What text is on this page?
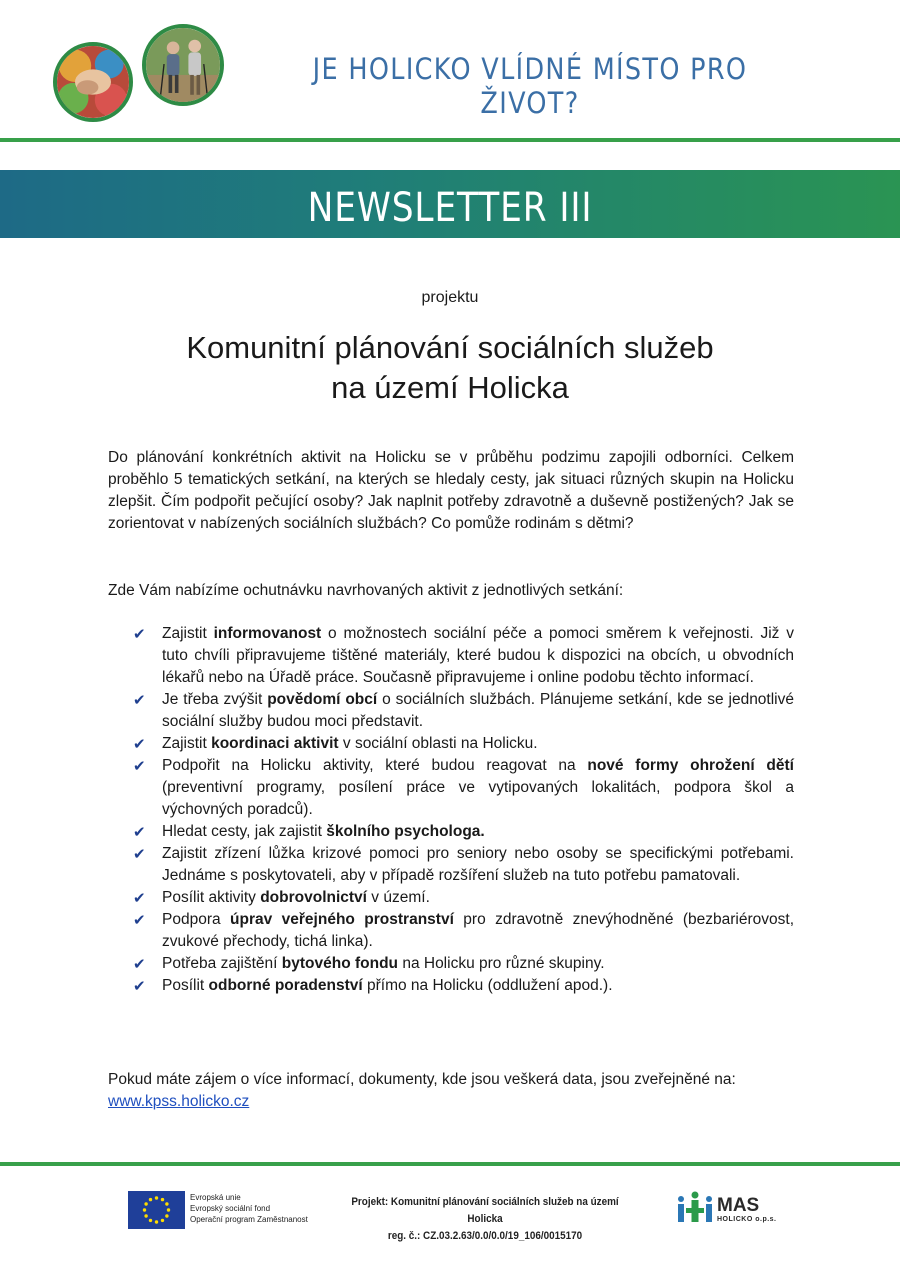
JE HOLICKO VLÍDNÉ MÍSTO PRO ŽIVOT?
NEWSLETTER III
projektu
Komunitní plánování sociálních služeb
na území Holicka
Do plánování konkrétních aktivit na Holicku se v průběhu podzimu zapojili odborníci. Celkem proběhlo 5 tematických setkání, na kterých se hledaly cesty, jak situaci různých skupin na Holicku zlepšit. Čím podpořit pečující osoby? Jak naplnit potřeby zdravotně a duševně postižených? Jak se zorientovat v nabízených sociálních službách? Co pomůže rodinám s dětmi?
Zde Vám nabízíme ochutnávku navrhovaných aktivit z jednotlivých setkání:
✔ Zajistit informovanost o možnostech sociální péče a pomoci směrem k veřejnosti. Již v tuto chvíli připravujeme tištěné materiály, které budou k dispozici na obcích, u obvodních lékařů nebo na Úřadě práce. Současně připravujeme i online podobu těchto informací.
✔ Je třeba zvýšit povědomí obcí o sociálních službách. Plánujeme setkání, kde se jednotlivé sociální služby budou moci představit.
✔ Zajistit koordinaci aktivit v sociální oblasti na Holicku.
✔ Podpořit na Holicku aktivity, které budou reagovat na nové formy ohrožení dětí (preventivní programy, posílení práce ve vytipovaných lokalitách, podpora škol a výchovných poradců).
✔ Hledat cesty, jak zajistit školního psychologa.
✔ Zajistit zřízení lůžka krizové pomoci pro seniory nebo osoby se specifickými potřebami. Jednáme s poskytovateli, aby v případě rozšíření služeb na tuto potřebu pamatovali.
✔ Posílit aktivity dobrovolnictví v území.
✔ Podpora úprav veřejného prostranství pro zdravotně znevýhodněné (bezbariérovost, zvukové přechody, tichá linka).
✔ Potřeba zajištění bytového fondu na Holicku pro různé skupiny.
✔ Posílit odborné poradenství přímo na Holicku (oddlužení apod.).
Pokud máte zájem o více informací, dokumenty, kde jsou veškerá data, jsou zveřejněné na:
www.kpss.holicko.cz
Evropská unie
Evropský sociální fond
Operační program Zaměstnanost
Projekt: Komunitní plánování sociálních služeb na území Holicka
reg. č.: CZ.03.2.63/0.0/0.0/19_106/0015170
MAS
HOLICKO o.p.s.
